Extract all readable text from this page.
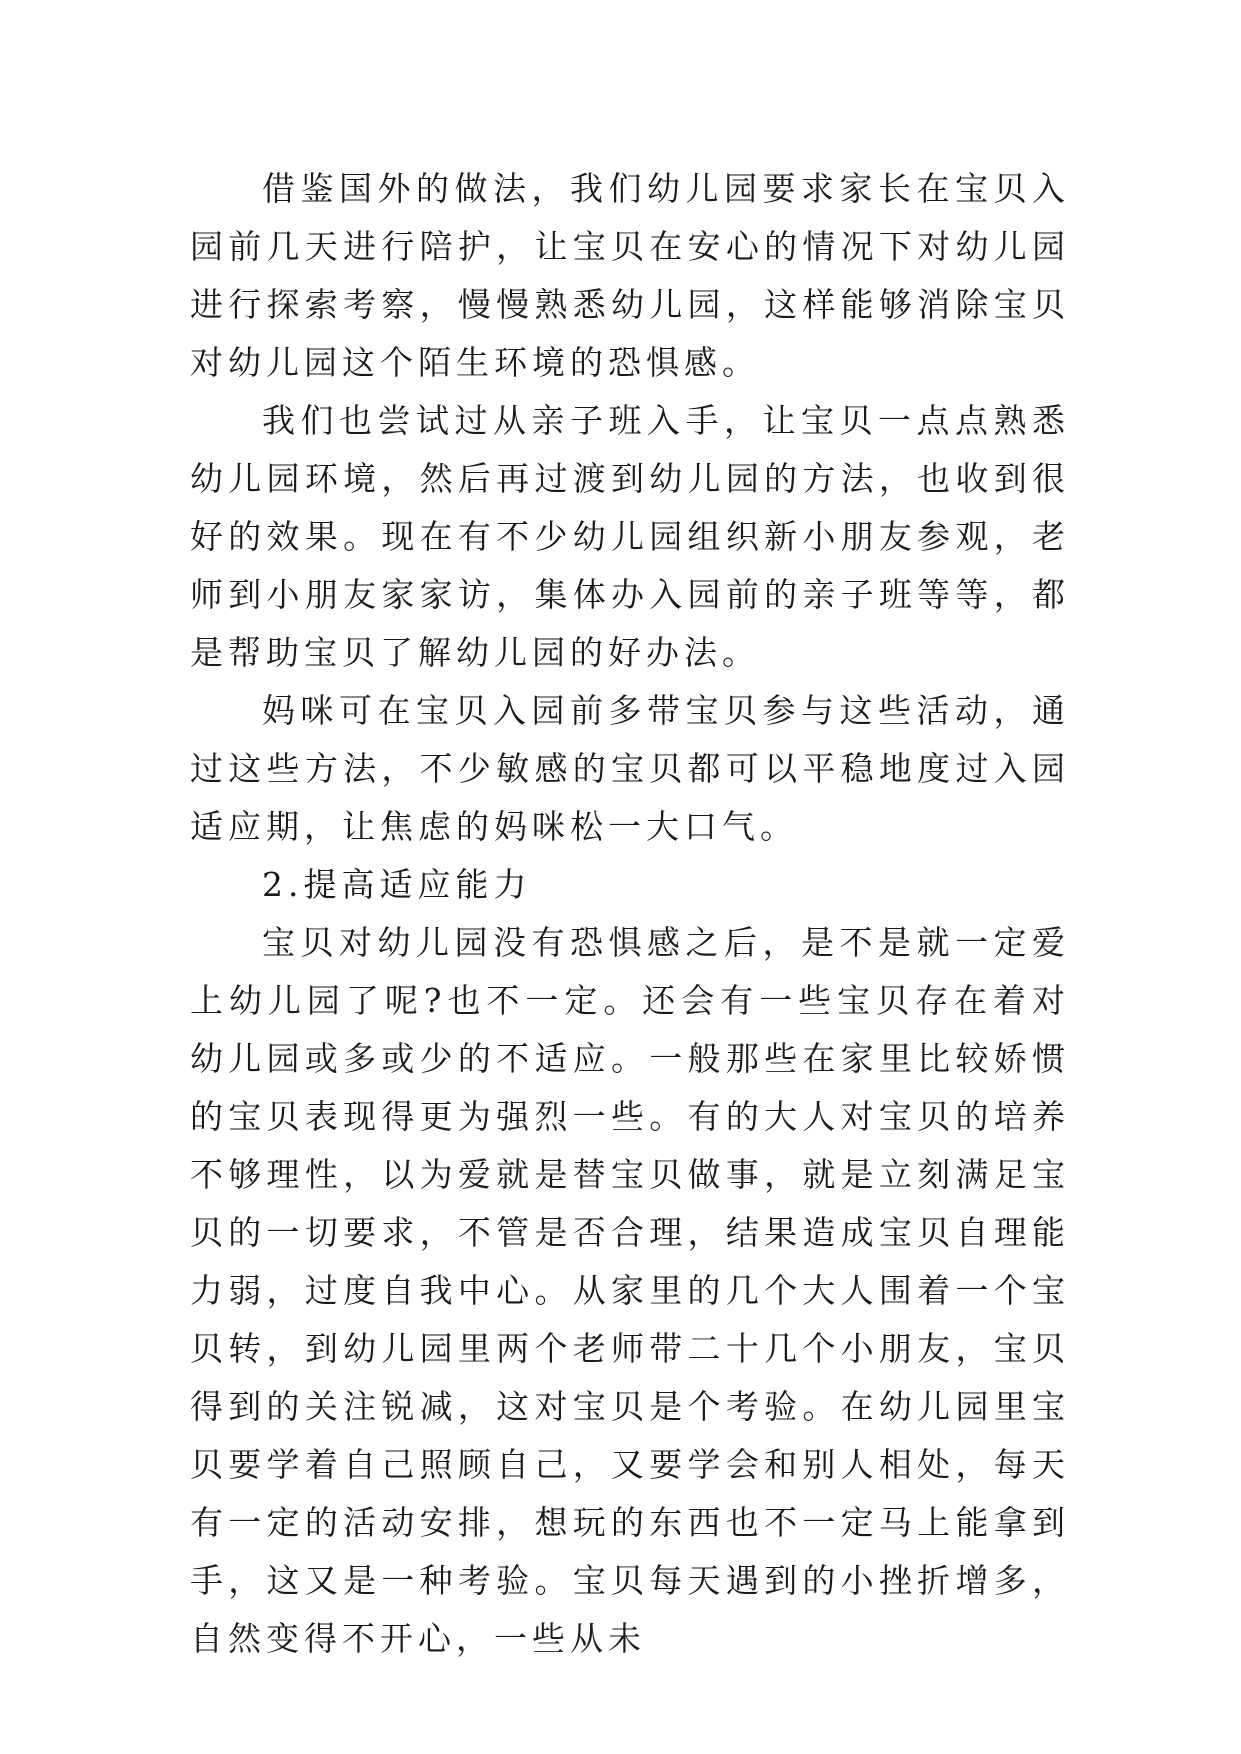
借鉴国外的做法，我们幼儿园要求家长在宝贝入园前几天进行陪护，让宝贝在安心的情况下对幼儿园进行探索考察，慢慢熟悉幼儿园，这样能够消除宝贝对幼儿园这个陌生环境的恐惧感。

我们也尝试过从亲子班入手，让宝贝一点点熟悉幼儿园环境，然后再过渡到幼儿园的方法，也收到很好的效果。现在有不少幼儿园组织新小朋友参观，老师到小朋友家家访，集体办入园前的亲子班等等，都是帮助宝贝了解幼儿园的好办法。

妈咪可在宝贝入园前多带宝贝参与这些活动，通过这些方法，不少敏感的宝贝都可以平稳地度过入园适应期，让焦虑的妈咪松一大口气。

2.提高适应能力

宝贝对幼儿园没有恐惧感之后，是不是就一定爱上幼儿园了呢?也不一定。还会有一些宝贝存在着对幼儿园或多或少的不适应。一般那些在家里比较娇惯的宝贝表现得更为强烈一些。有的大人对宝贝的培养不够理性，以为爱就是替宝贝做事，就是立刻满足宝贝的一切要求，不管是否合理，结果造成宝贝自理能力弱，过度自我中心。从家里的几个大人围着一个宝贝转，到幼儿园里两个老师带二十几个小朋友，宝贝得到的关注锐减，这对宝贝是个考验。在幼儿园里宝贝要学着自己照顾自己，又要学会和别人相处，每天有一定的活动安排，想玩的东西也不一定马上能拿到手，这又是一种考验。宝贝每天遇到的小挫折增多，自然变得不开心，一些从未
